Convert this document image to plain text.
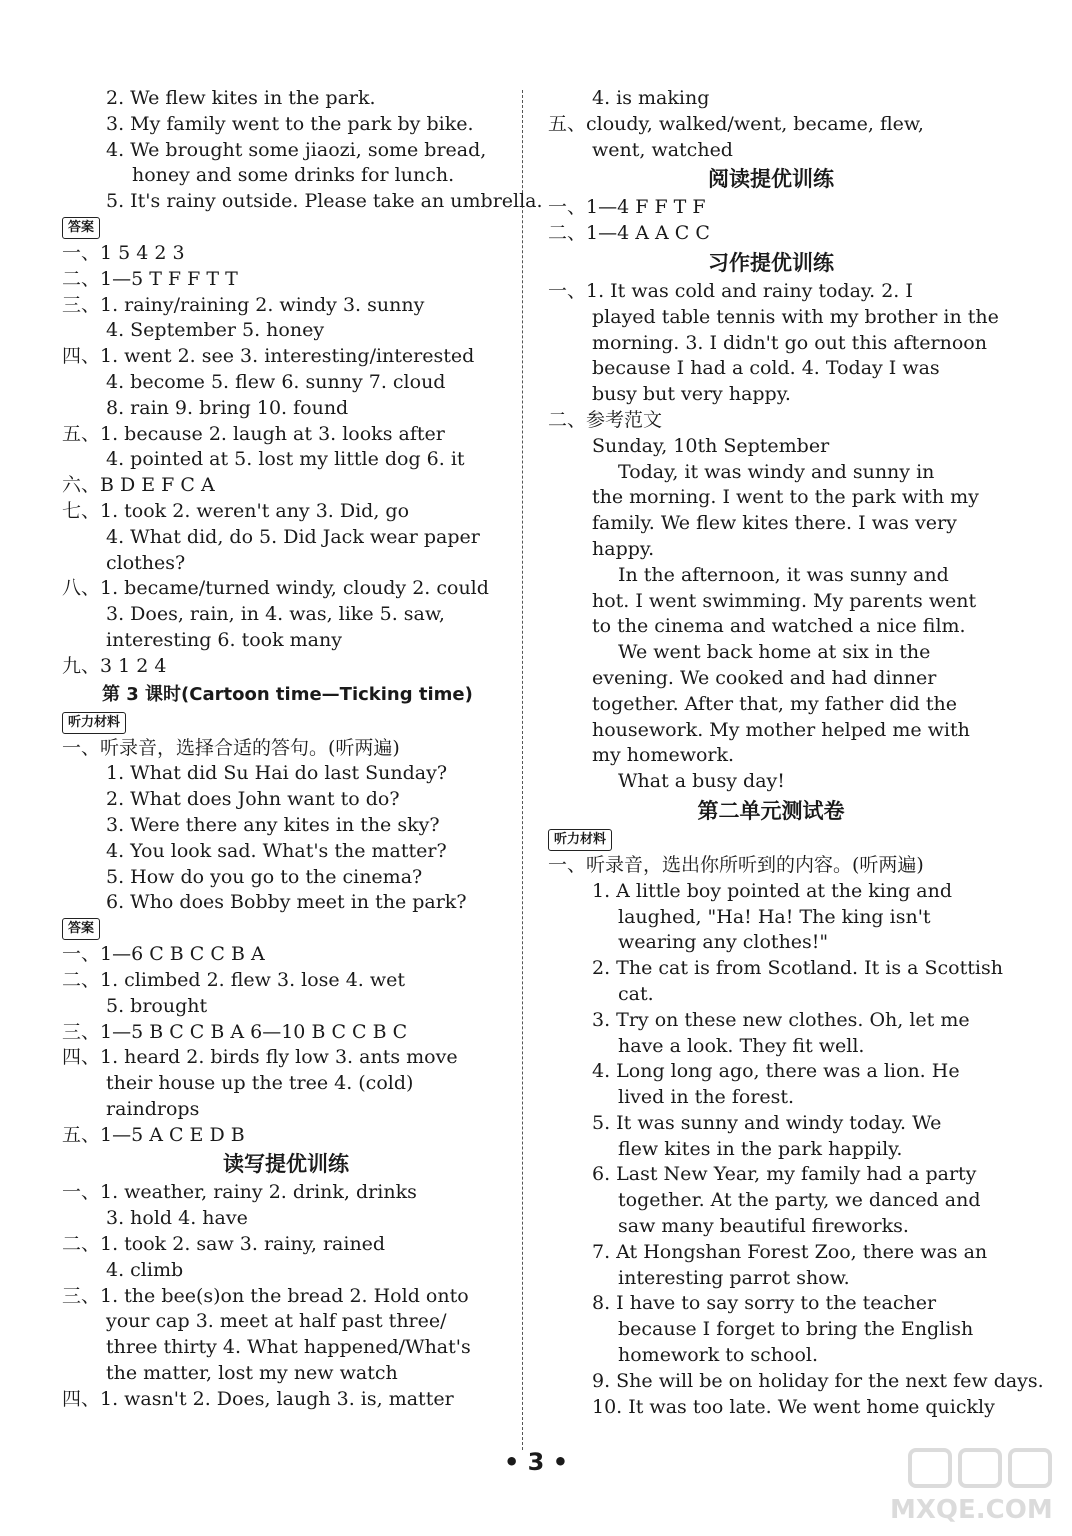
2. We flew kites in the park.
3. My family went to the park by bike.
4. We brought some jiaozi, some bread,
honey and some drinks for lunch.
5. It's rainy outside. Please take an umbrella.
答案
一、1 5 4 2 3
二、1—5 T F F T T
三、1. rainy/raining 2. windy 3. sunny
4. September 5. honey
四、1. went 2. see 3. interesting/interested
4. become 5. flew 6. sunny 7. cloud
8. rain 9. bring 10. found
五、1. because 2. laugh at 3. looks after
4. pointed at 5. lost my little dog 6. it
六、B D E F C A
七、1. took 2. weren't any 3. Did, go
4. What did, do 5. Did Jack wear paper
clothes?
八、1. became/turned windy, cloudy 2. could
3. Does, rain, in 4. was, like 5. saw,
interesting 6. took many
九、3 1 2 4
第 3 课时(Cartoon time—Ticking time)
听力材料
一、听录音，选择合适的答句。(听两遍)
1. What did Su Hai do last Sunday?
2. What does John want to do?
3. Were there any kites in the sky?
4. You look sad. What's the matter?
5. How do you go to the cinema?
6. Who does Bobby meet in the park?
答案
一、1—6 C B C C B A
二、1. climbed 2. flew 3. lose 4. wet
5. brought
三、1—5 B C C B A 6—10 B C C B C
四、1. heard 2. birds fly low 3. ants move
their house up the tree 4. (cold)
raindrops
五、1—5 A C E D B
读写提优训练
一、1. weather, rainy 2. drink, drinks
3. hold 4. have
二、1. took 2. saw 3. rainy, rained
4. climb
三、1. the bee(s)on the bread 2. Hold onto
your cap 3. meet at half past three/
three thirty 4. What happened/What's
the matter, lost my new watch
四、1. wasn't 2. Does, laugh 3. is, matter
4. is making
五、cloudy, walked/went, became, flew,
went, watched
阅读提优训练
一、1—4 F F T F
二、1—4 A A C C
习作提优训练
一、1. It was cold and rainy today. 2. I
played table tennis with my brother in the
morning. 3. I didn't go out this afternoon
because I had a cold. 4. Today I was
busy but very happy.
二、参考范文
Sunday, 10th September
Today, it was windy and sunny in
the morning. I went to the park with my
family. We flew kites there. I was very
happy.
In the afternoon, it was sunny and
hot. I went swimming. My parents went
to the cinema and watched a nice film.
We went back home at six in the
evening. We cooked and had dinner
together. After that, my father did the
housework. My mother helped me with
my homework.
What a busy day!
第二单元测试卷
听力材料
一、听录音，选出你所听到的内容。(听两遍)
1. A little boy pointed at the king and
laughed, "Ha! Ha! The king isn't
wearing any clothes!"
2. The cat is from Scotland. It is a Scottish
cat.
3. Try on these new clothes. Oh, let me
have a look. They fit well.
4. Long long ago, there was a lion. He
lived in the forest.
5. It was sunny and windy today. We
flew kites in the park happily.
6. Last New Year, my family had a party
together. At the party, we danced and
saw many beautiful fireworks.
7. At Hongshan Forest Zoo, there was an
interesting parrot show.
8. I have to say sorry to the teacher
because I forget to bring the English
homework to school.
9. She will be on holiday for the next few days.
10. It was too late. We went home quickly
• 3 •
MXQE.COM
